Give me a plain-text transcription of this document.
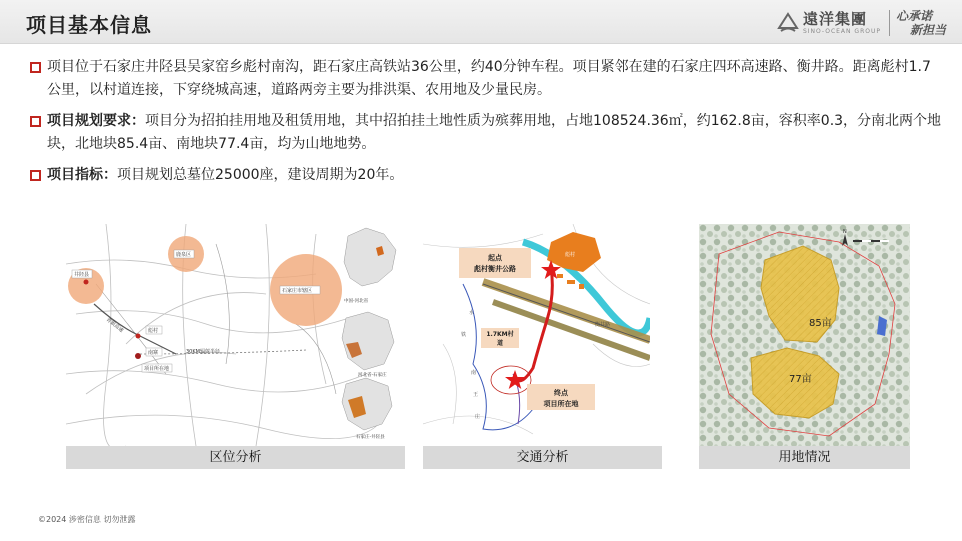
项目基本信息	遠洋集團
SINO-OCEAN GROUP
心承诺
新担当
项目位于石家庄井陉县吴家窑乡彪村南沟，距石家庄高铁站36公里，约40分钟车程。项目紧邻在建的石家庄四环高速路、衡井路。距离彪村1.7公里，以村道连接，下穿绕城高速，道路两旁主要为排洪渠、农用地及少量民房。
项目规划要求：项目分为招拍挂用地及租赁用地，其中招拍挂土地性质为殡葬用地，占地108524.36㎡，约162.8亩，容积率0.3，分南北两个地块，北地块85.4亩、南地块77.4亩，均为山地地势。
项目指标：项目规划总墓位25000座，建设周期为20年。
井陉县
鹿泉区
石家庄市辖区
彪村
南寨
项目所在地
30KM辐射半径
青银高速
中国-河北省
河北省-石家庄
石家庄-井陉县
区位分析
彪村
起点
彪村衡井公路
1.7KM村
道
终点
项目所在地
衡井路
南
王
庄
铁
水
交通分析
85亩
77亩
N
用地情况
©2024 涉密信息 切勿泄露
